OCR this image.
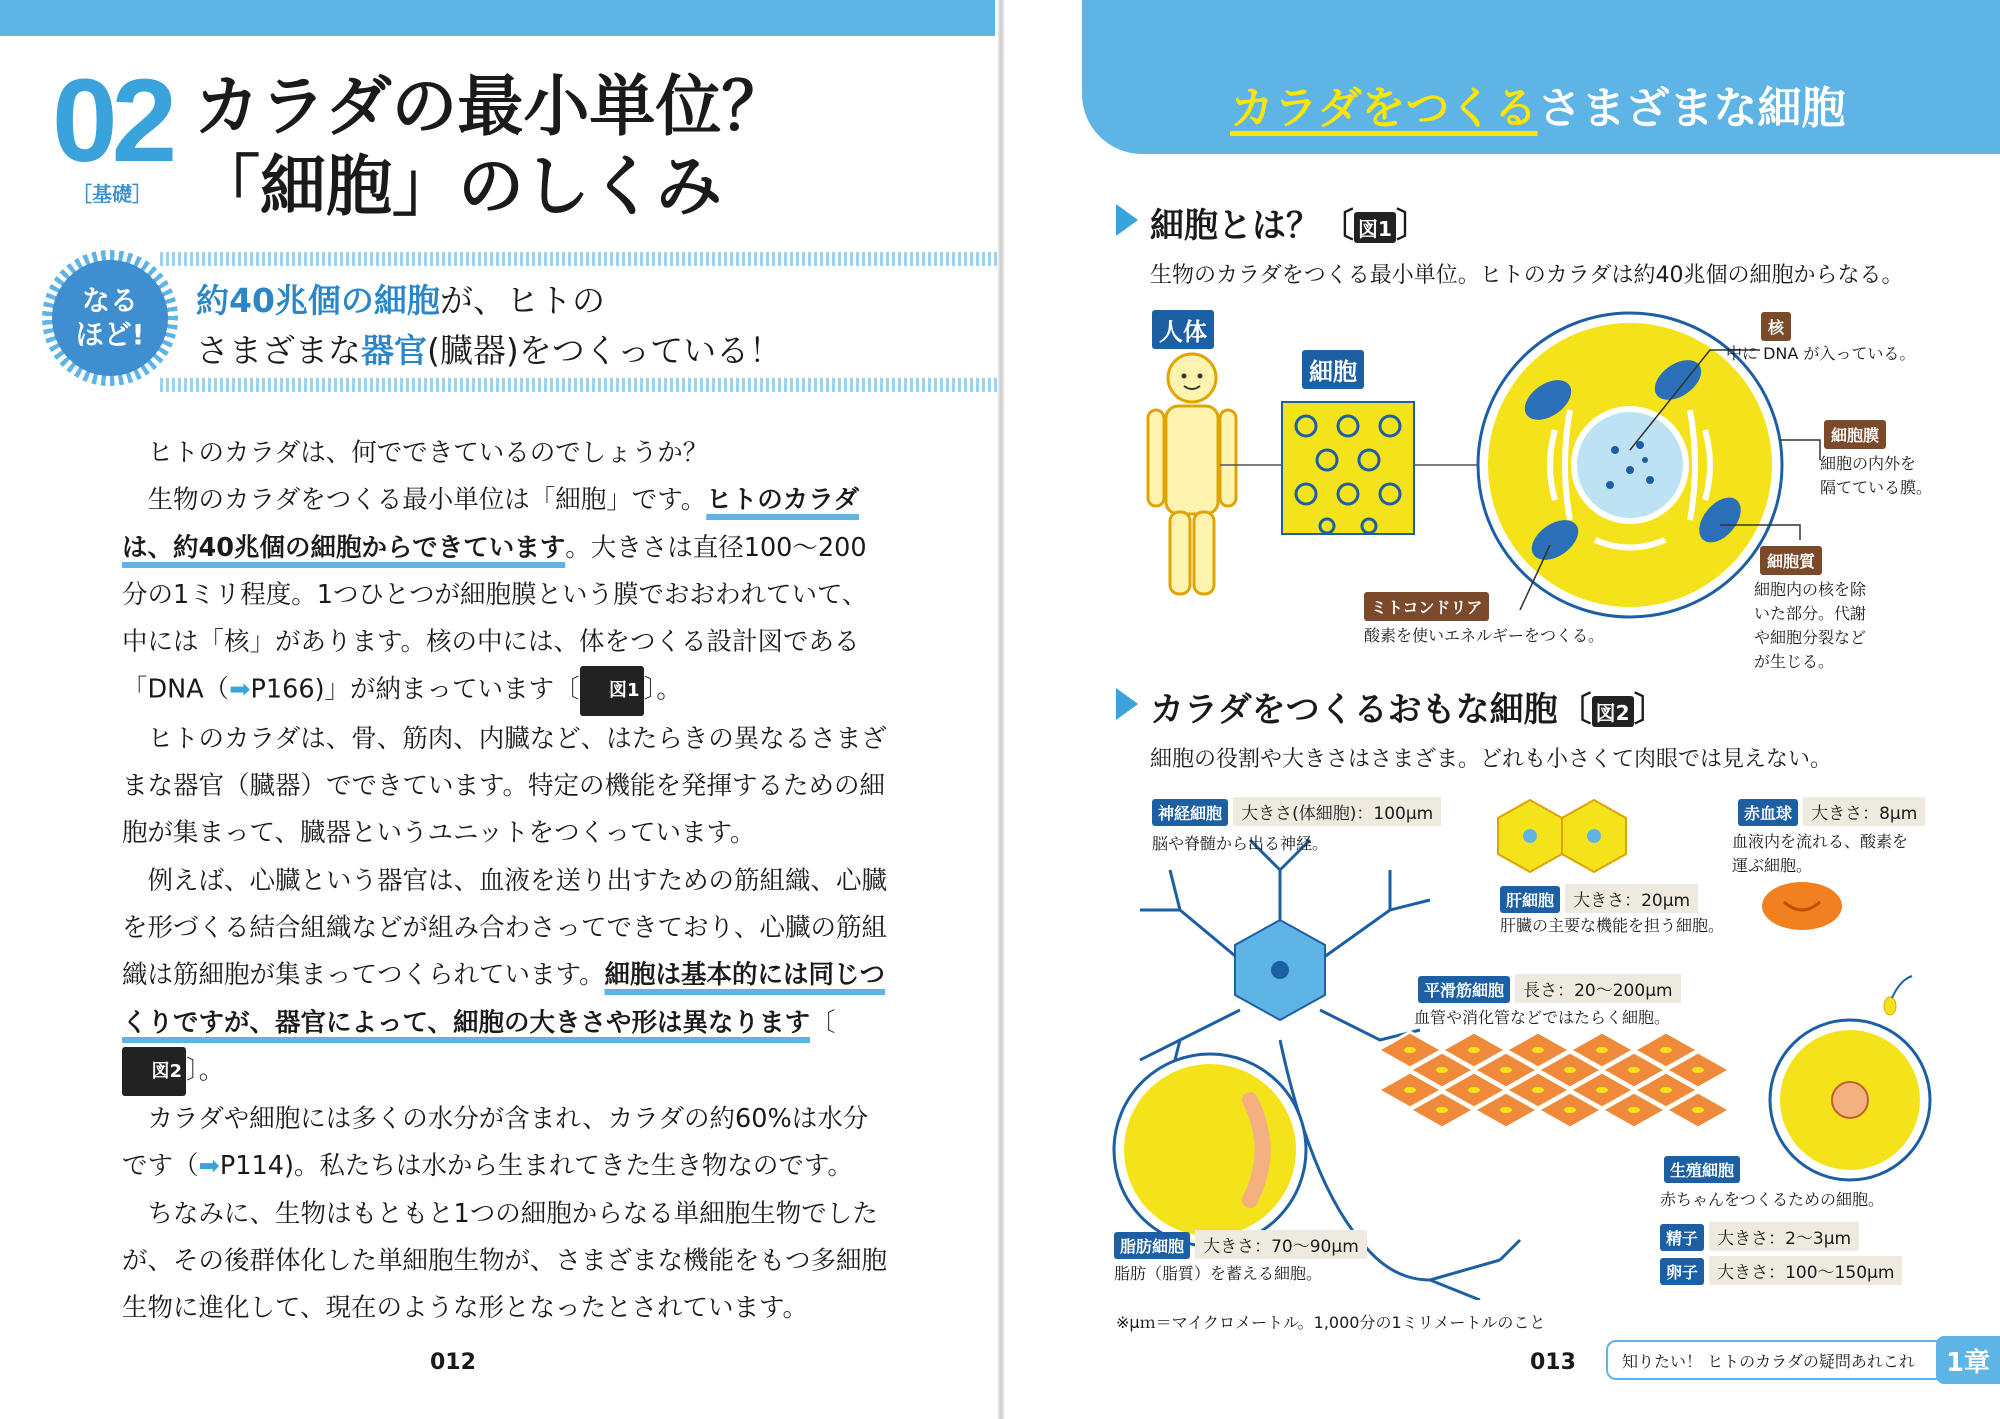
02
［基礎］
カラダの最小単位？
「細胞」のしくみ
なる
ほど!
約40兆個の細胞が、ヒトの
さまざまな器官(臓器)をつくっている！

ヒトのカラダは、何でできているのでしょうか？

生物のカラダをつくる最小単位は「細胞」です。ヒトのカラダは、約40兆個の細胞からできています。大きさは直径100〜200分の1ミリ程度。1つひとつが細胞膜という膜でおおわれていて、中には「核」があります。核の中には、体をつくる設計図である「DNA（➡P166)」が納まっています〔 図1 〕。

ヒトのカラダは、骨、筋肉、内臓など、はたらきの異なるさまざまな器官（臓器）でできています。特定の機能を発揮するための細胞が集まって、臓器というユニットをつくっています。

例えば、心臓という器官は、血液を送り出すための筋組織、心臓を形づくる結合組織などが組み合わさってできており、心臓の筋組織は筋細胞が集まってつくられています。細胞は基本的には同じつくりですが、器官によって、細胞の大きさや形は異なります〔図2 〕。

カラダや細胞には多くの水分が含まれ、カラダの約60%は水分です（➡P114)。私たちは水から生まれてきた生き物なのです。

ちなみに、生物はもともと1つの細胞からなる単細胞生物でしたが、その後群体化した単細胞生物が、さまざまな機能をもつ多細胞生物に進化して、現在のような形となったとされています。

012
カラダをつくるさまざまな細胞
細胞とは？〔 図1 〕
生物のカラダをつくる最小単位。ヒトのカラダは約40兆個の細胞からなる。
核
中に DNA が入っている。
細胞膜
細胞の内外を
隔てている膜。
細胞質
細胞内の核を除
いた部分。代謝
や細胞分裂など
が生じる。
ミトコンドリア
酸素を使いエネルギーをつくる。
人体
細胞
カラダをつくるおもな細胞〔 図2 〕
細胞の役割や大きさはさまざま。どれも小さくて肉眼では見えない。
神経細胞 大きさ(体細胞)：100μm
脳や脊髄から出る神経。
肝細胞 大きさ：20μm
肝臓の主要な機能を担う細胞。
赤血球 大きさ：8μm
血液内を流れる、酸素を
運ぶ細胞。
平滑筋細胞 長さ：20〜200μm
血管や消化管などではたらく細胞。
脂肪細胞 大きさ：70〜90μm
脂肪（脂質）を蓄える細胞。
生殖細胞
赤ちゃんをつくるための細胞。
精子 大きさ：2〜3μm
卵子 大きさ：100〜150μm
※μｍ＝マイクロメートル。1,000分の1ミリメートルのこと
013	知りたい！ ヒトのカラダの疑問あれこれ	1章
